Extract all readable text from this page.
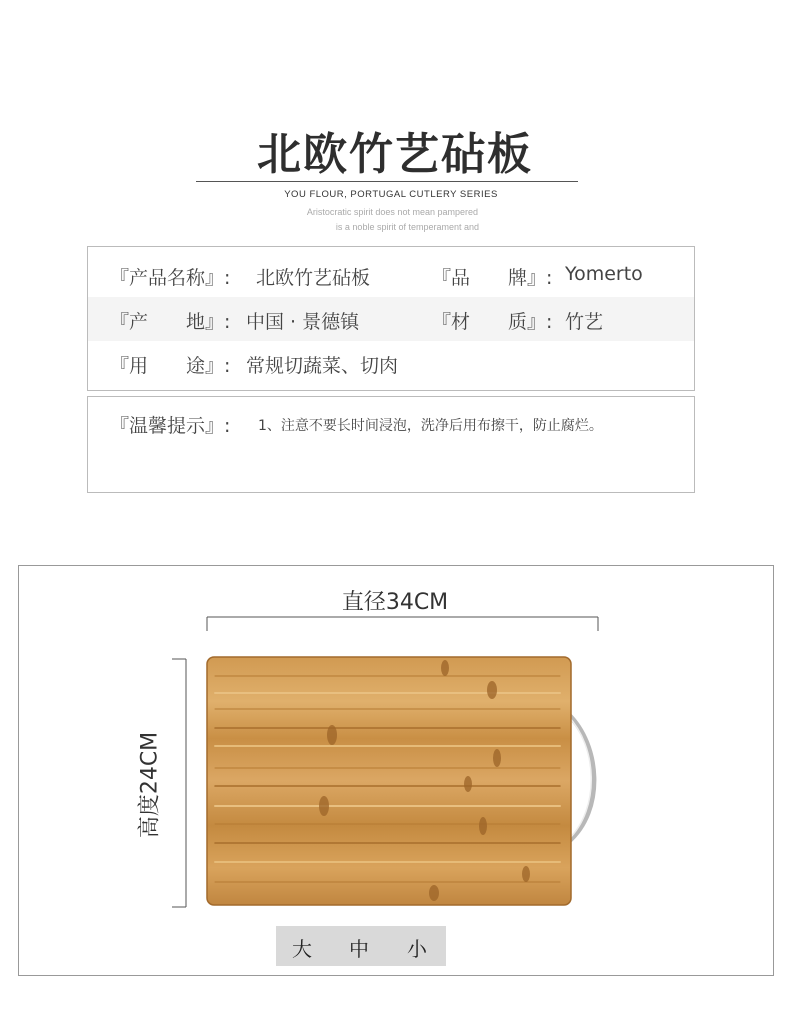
北欧竹艺砧板
YOU FLOUR, PORTUGAL CUTLERY SERIES
Aristocratic spirit does not mean pampered
is a noble spirit of temperament and
『产品名称』: 北欧竹艺砧板	『品　　牌』: Yomerto
『产　　地』: 中国 · 景德镇	『材　　质』: 竹艺
『用　　途』: 常规切蔬菜、切肉
『温馨提示』: 1、注意不要长时间浸泡，洗净后用布擦干，防止腐烂。
直径34CM
高度24CM
大 中 小
